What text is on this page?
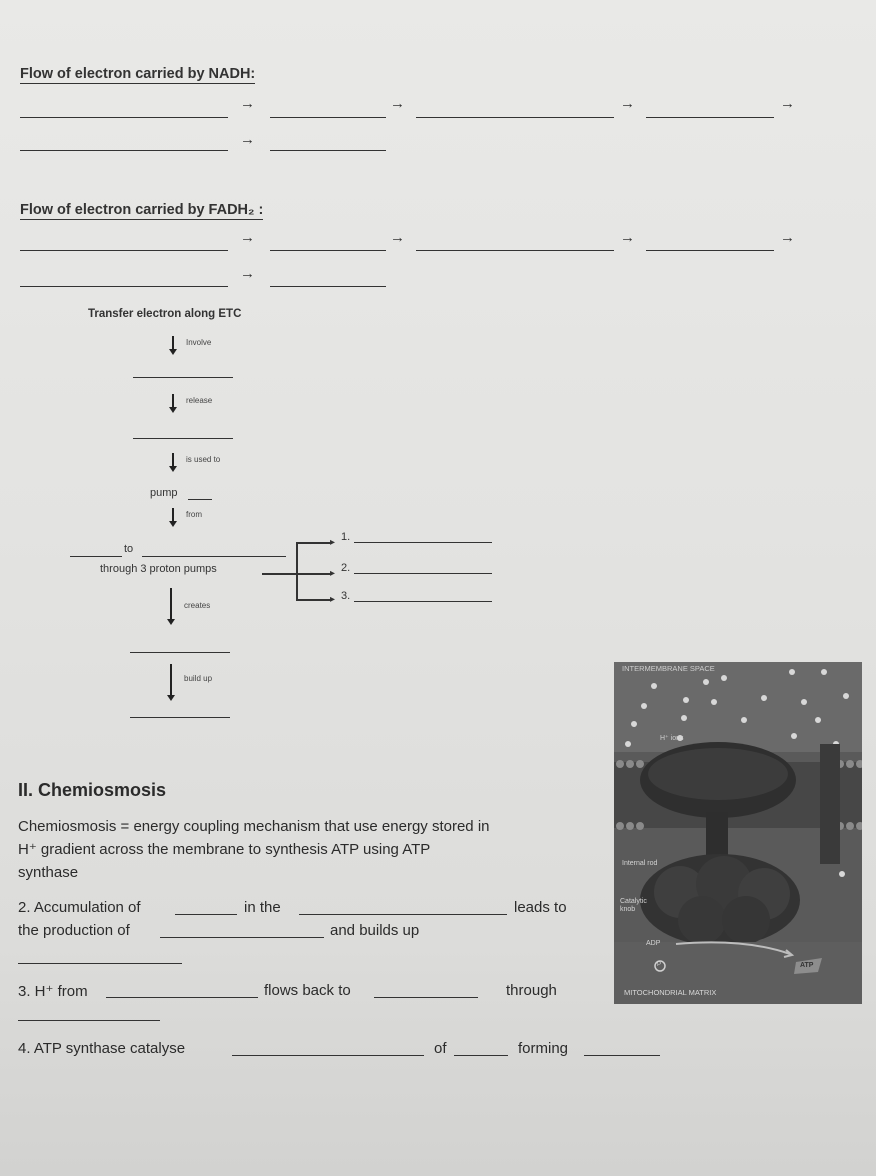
Flow of electron carried by NADH:
→	→	→	→
→
Flow of electron carried by FADH₂ :
→	→	→	→
→
Transfer electron along ETC
Involve
release
is used to
pump
from
to
through 3 proton pumps
▸
▸
▸
1.
2.
3.
creates
build up
INTERMEMBRANE SPACE
H⁺ ions
Internal rod
Catalytic knob
ADP
P	ATP
MITOCHONDRIAL MATRIX
II. Chemiosmosis
Chemiosmosis = energy coupling mechanism that use energy stored in
H⁺ gradient across the membrane to synthesis ATP using ATP
synthase
2. Accumulation of	in the	leads to
the production of	and builds up
3. H⁺ from	flows back to	through
4. ATP synthase catalyse	of	forming
